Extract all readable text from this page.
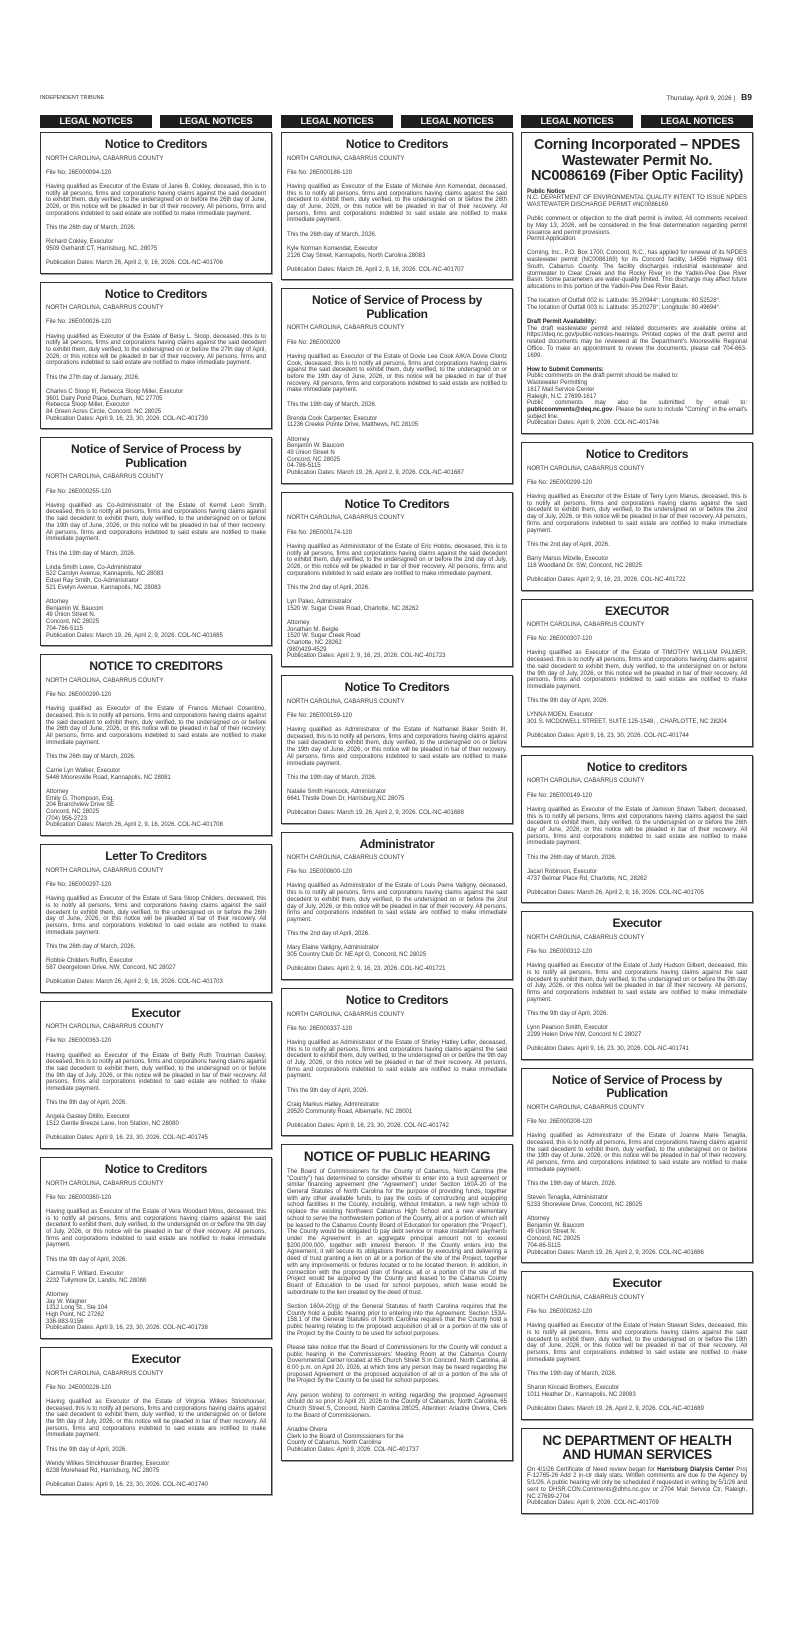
INDEPENDENT TRIBUNE	Thursday, April 9, 2026 | B9
LEGAL NOTICES	LEGAL NOTICES
Notice to Creditors

NORTH CAROLINA, CABARRUS COUNTY

File No: 26E000094-120

Having qualified as Executor of the Estate of Janie B. Cokley, deceased, this is to notify all persons, firms and corporations having claims against the said decedent to exhibit them, duly verified, to the undersigned on or before the 26th day of June, 2026, or this notice will be pleaded in bar of their recovery. All persons, firms and corporations indebted to said estate are notified to make immediate payment.

This the 26th day of March, 2026.

Richard Cokley, Executor
9509 Gerhardt CT, Harrisburg, NC, 28075

Publication Dates: March 26, April 2, 9, 16, 2026. COL-NC-401706

Notice to Creditors

NORTH CAROLINA, CABARRUS COUNTY

File No: 26E000026-120

Having qualified as Executor of the Estate of Betsy L. Sloop, deceased, this is to notify all persons, firms and corporations having claims against the said decedent to exhibit them, duly verified, to the undersigned on or before the 27th day of April, 2026, or this notice will be pleaded in bar of their recovery. All persons, firms and corporations indebted to said estate are notified to make immediate payment.

This the 27th day of January, 2026.

Charles C Sloop III, Rebecca Sloop Miller, Executor
3601 Dairy Pond Place, Durham, NC 27705
Rebecca Sloop Miller, Executor
84 Green Acres Circle, Concord. NC 28025
Publication Dates: April 9, 16, 23, 30, 2026. COL-NC-401739

Notice of Service of Process by Publication

NORTH CAROLINA, CABARRUS COUNTY

File No: 26E000255-120

Having qualified as Co-Administrator of the Estate of Kermit Leon Smith, deceased, this is to notify all persons, firms and corporations having claims against the said decedent to exhibit them, duly verified, to the undersigned on or before the 19th day of June, 2026, or this notice will be pleaded in bar of their recovery. All persons, firms and corporations indebted to said estate are notified to make immediate payment.

This the 19th day of March, 2026.

Linda Smith Lowe, Co-Administrator
522 Carolyn Avenue, Kannapolis, NC 28083
Edsel Ray Smith, Co-Administrator
521 Evelyn Avenue, Kannapolis, NC 28083

Attorney
Benjamin W. Baucom
49 Union Street N.
Concord, NC 28025
704-786-5115
Publication Dates: March 19, 26, April 2, 9, 2026. COL-NC-401685

NOTICE TO CREDITORS

NORTH CAROLINA, CABARRUS COUNTY

File No: 26E000290-120

Having qualified as Executor of the Estate of Francis Michael Cosentino, deceased, this is to notify all persons, firms and corporations having claims against the said decedent to exhibit them, duly verified, to the undersigned on or before the 26th day of June, 2026, or this notice will be pleaded in bar of their recovery. All persons, firms and corporations indebted to said estate are notified to make immediate payment.

This the 26th day of March, 2026.

Carrie Lyn Walker, Executor
5446 Mooresville Road, Kannapolis, NC 28081

Attorney
Emily G. Thompson, Esq.
204 Branchview Drive SE
Concord, NC 28025
(704) 956-2723
Publication Dates: March 26, April 2, 9, 16, 2026. COL-NC-401708

Letter To Creditors

NORTH CAROLINA, CABARRUS COUNTY

File No: 26E000297-120

Having qualified as Executor of the Estate of Sara Sloop Childers, deceased, this is to notify all persons, firms and corporations having claims against the said decedent to exhibit them, duly verified, to the undersigned on or before the 26th day of June, 2026, or this notice will be pleaded in bar of their recovery. All persons, firms and corporations indebted to said estate are notified to make immediate payment.

This the 26th day of March, 2026.

Robbie Childers Ruffin, Executor
587 Georgetown Drive, NW, Concord, NC 28027

Publication Dates: March 26, April 2, 9, 16, 2026. COL-NC-401703

Executor

NORTH CAROLINA, CABARRUS COUNTY

File No: 26E000363-120

Having qualified as Executor of the Estate of Betty Ruth Troutman Gaskey, deceased, this is to notify all persons, firms and corporations having claims against the said decedent to exhibit them, duly verified, to the undersigned on or before the 9th day of July, 2026, or this notice will be pleaded in bar of their recovery. All persons, firms and corporations indebted to said estate are notified to make immediate payment.

This the 9th day of April, 2026.

Angela Gaskey Ditillo, Executor
1512 Gentle Breeze Lane, Iron Station, NC 28080

Publication Dates: April 9, 16, 23, 30, 2026. COL-NC-401745

Notice to Creditors

NORTH CAROLINA, CABARRUS COUNTY

File No: 26E000360-120

Having qualified as Executor of the Estate of Vera Woodard Moss, deceased, this is to notify all persons, firms and corporations having claims against the said decedent to exhibit them, duly verified, to the undersigned on or before the 9th day of July, 2026, or this notice will be pleaded in bar of their recovery. All persons, firms and corporations indebted to said estate are notified to make immediate payment.

This the 9th day of April, 2026.

Carmella F. Willard, Executor
2232 Tullymore Dr, Landis, NC 28088

Attorney
Jay W. Wagner
1312 Long St., Ste 104
High Point, NC 27262
336-883-9156
Publication Dates: April 9, 16, 23, 30, 2026. COL-NC-401738

Executor

NORTH CAROLINA, CABARRUS COUNTY

File No: 24E000228-120

Having qualified as Executor of the Estate of Virginia Wilkes Strickhouser, deceased, this is to notify all persons, firms and corporations having claims against the said decedent to exhibit them, duly verified, to the undersigned on or before the 9th day of July, 2026, or this notice will be pleaded in bar of their recovery. All persons, firms and corporations indebted to said estate are notified to make immediate payment.

This the 9th day of April, 2026.

Wendy Wilkes Strickhouser Brantley, Executor
6238 Morehead Rd, Harrisburg, NC 28075

Publication Dates: April 9, 16, 23, 30, 2026. COL-NC-401740

LEGAL NOTICES	LEGAL NOTICES
Notice to Creditors

NORTH CAROLINA, CABARRUS COUNTY

File No: 26E000186-120

Having qualified as Executor of the Estate of Michele Ann Komendat, deceased, this is to notify all persons, firms and corporations having claims against the said decedent to exhibit them, duly verified, to the undersigned on or before the 26th day of June, 2026, or this notice will be pleaded in bar of their recovery. All persons, firms and corporations indebted to said estate are notified to make immediate payment.

This the 26th day of March, 2026.

Kyle Norman Komendat, Executor
2126 Clay Street, Kannapolis, North Carolina 28083

Publication Dates: March 26, April 2, 9, 16, 2026. COL-NC-401707

Notice of Service of Process by Publication

NORTH CAROLINA, CABARRUS COUNTY

File No: 26E000209

Having qualified as Executor of the Estate of Dovie Lee Cook A/K/A Dovie Clontz Cook, deceased, this is to notify all persons, firms and corporations having claims against the said decedent to exhibit them, duly verified, to the undersigned on or before the 19th day of June, 2026, or this notice will be pleaded in bar of their recovery. All persons, firms and corporations indebted to said estate are notified to make immediate payment.

This the 19th day of March, 2026.

Brenda Cook Carpenter, Executor
11236 Creeke Pointe Drive, Matthews, NC 28105

Attorney
Benjamin W. Baucom
49 Union Street N
Concord, NC 28025
04-786-5115
Publication Dates: March 19, 26, April 2, 9, 2026. COL-NC-401687

Notice To Creditors

NORTH CAROLINA, CABARRUS COUNTY

File No: 26E000174-120

Having qualified as Administrator of the Estate of Eric Hobbs, deceased, this is to notify all persons, firms and corporations having claims against the said decedent to exhibit them, duly verified, to the undersigned on or before the 2nd day of July, 2026, or this notice will be pleaded in bar of their recovery. All persons, firms and corporations indebted to said estate are notified to make immediate payment.

This the 2nd day of April, 2026.

Lyn Paleo, Administrator
1520 W. Sugar Creek Road, Charlotte, NC 28262

Attorney
Jonathan M. Beigle
1520 W. Sugar Creek Road
Charlotte, NC 28262
(980)429-4529
Publication Dates: April 2, 9, 16, 23, 2026. COL-NC-401723

Notice To Creditors

NORTH CAROLINA, CABARRUS COUNTY

File No: 26E000159-120

Having qualified as Administrator of the Estate of Nathaniel Baker Smith III, deceased, this is to notify all persons, firms and corporations having claims against the said decedent to exhibit them, duly verified, to the undersigned on or before the 19th day of June, 2026, or this notice will be pleaded in bar of their recovery. All persons, firms and corporations indebted to said estate are notified to make immediate payment.

This the 19th day of March, 2026.

Natalie Smith Hancock, Administrator
6641 Thistle Down Dr, Harrisburg,NC 28075

Publication Dates: March 19, 26, April 2, 9, 2026. COL-NC-401688

Administrator

NORTH CAROLINA, CABARRUS COUNTY

File No: 25E000600-120

Having qualified as Administrator of the Estate of Louis Pierre Valligny, deceased, this is to notify all persons, firms and corporations having claims against the said decedent to exhibit them, duly verified, to the undersigned on or before the 2nd day of July, 2026, or this notice will be pleaded in bar of their recovery. All persons, firms and corporations indebted to said estate are notified to make immediate payment.

This the 2nd day of April, 2026.

Mary Elaine Valligny, Administrator
305 Country Club Dr. NE Apt G, Concord, NC 28025

Publication Dates: April 2, 9, 16, 23, 2026. COL-NC-401721

Notice to Creditors

NORTH CAROLINA, CABARRUS COUNTY

File No: 26E000337-120

Having qualified as Administrator of the Estate of Shirley Hatley Lefler, deceased, this is to notify all persons, firms and corporations having claims against the said decedent to exhibit them, duly verified, to the undersigned on or before the 9th day of July, 2026, or this notice will be pleaded in bar of their recovery. All persons, firms and corporations indebted to said estate are notified to make immediate payment.

This the 9th day of April, 2026.

Craig Markus Hatley, Administrator
29520 Community Road, Albemarle, NC 28001

Publication Dates: April 9, 16, 23, 30, 2026. COL-NC-401742

NOTICE OF PUBLIC HEARING

The Board of Commissioners for the County of Cabarrus, North Carolina (the "County") has determined to consider whether to enter into a trust agreement or similar financing agreement (the "Agreement") under Section 160A-20 of the General Statutes of North Carolina for the purpose of providing funds, together with any other available funds, to pay the costs of constructing and equipping school facilities in the County, including, without limitation, a new high school to replace the existing Northwest Cabarrus High School and a new elementary school to serve the northwestern portion of the County, all or a portion of which will be leased to the Cabarrus County Board of Education for operation (the "Project"). The County would be obligated to pay debt service or make installment payments under the Agreement in an aggregate principal amount not to exceed $200,000,000, together with interest thereon. If the County enters into the Agreement, it will secure its obligations thereunder by executing and delivering a deed of trust granting a lien on all or a portion of the site of the Project, together with any improvements or fixtures located or to be located thereon. In addition, in connection with the proposed plan of finance, all or a portion of the site of the Project would be acquired by the County and leased to the Cabarrus County Board of Education to be used for school purposes, which lease would be subordinate to the lien created by the deed of trust.

Section 160A-20(g) of the General Statutes of North Carolina requires that the County hold a public hearing prior to entering into the Agreement. Section 153A-158.1 of the General Statutes of North Carolina requires that the County hold a public hearing relating to the proposed acquisition of all or a portion of the site of the Project by the County to be used for school purposes.

Please take notice that the Board of Commissioners for the County will conduct a public hearing in the Commissioners' Meeting Room at the Cabarrus County Governmental Center located at 65 Church Street S in Concord, North Carolina, at 6:00 p.m. on April 20, 2026, at which time any person may be heard regarding the proposed Agreement or the proposed acquisition of all or a portion of the site of the Project by the County to be used for school purposes.

Any person wishing to comment in writing regarding the proposed Agreement should do so prior to April 20, 2026 to the County of Cabarrus, North Carolina, 65 Church Street S, Concord, North Carolina 28025, Attention: Ariadne Olvera, Clerk to the Board of Commissioners.

Ariadne Olvera
Clerk to the Board of Commissioners for the
County of Cabarrus, North Carolina
Publication Dates: April 9, 2026. COL-NC-401737

LEGAL NOTICES	LEGAL NOTICES
Corning Incorporated – NPDES Wastewater Permit No. NC0086169 (Fiber Optic Facility)

Public Notice
N.C. DEPARTMENT OF ENVIRONMENTAL QUALITY INTENT TO ISSUE NPDES WASTEWATER DISCHARGE PERMIT #NC0086169

Public comment or objection to the draft permit is invited. All comments received by May 13, 2026, will be considered in the final determination regarding permit issuance and permit provisions.
Permit Application:

Corning, Inc., P.O. Box 1700, Concord, N.C., has applied for renewal of its NPDES wastewater permit (NC0086169) for its Concord facility, 14556 Highway 601 South, Cabarrus County. The facility discharges industrial wastewater and stormwater to Clear Creek and the Rocky River in the Yadkin-Pee Dee River Basin. Some parameters are water-quality limited. This discharge may affect future allocations in this portion of the Yadkin-Pee Dee River Basin.

The location of Outfall 002 is: Latitude: 35.20944°; Longitude: 80.52528°.
The location of Outfall 003 is: Latitude: 35.20278°; Longitude: 80.49694°.

Draft Permit Availability:
The draft wastewater permit and related documents are available online at: https://deq.nc.gov/public-notices-hearings. Printed copies of the draft permit and related documents may be reviewed at the Department's Mooresville Regional Office. To make an appointment to review the documents, please call 704-663-1699.

How to Submit Comments:
Public comments on the draft permit should be mailed to:
Wastewater Permitting
1617 Mail Service Center
Raleigh, N.C. 27699-1617
Public comments may also be submitted by email to: publiccomments@deq.nc.gov. Please be sure to include "Corning" in the email's subject line.
Publication Dates: April 9, 2026. COL-NC-401746

Notice to Creditors

NORTH CAROLINA, CABARRUS COUNTY

File No: 26E000299-120

Having qualified as Executor of the Estate of Terry Lynn Manus, deceased, this is to notify all persons, firms and corporations having claims against the said decedent to exhibit them, duly verified, to the undersigned on or before the 2nd day of July, 2026, or this notice will be pleaded in bar of their recovery. All persons, firms and corporations indebted to said estate are notified to make immediate payment.

This the 2nd day of April, 2026.

Barry Manus Mizelle, Executor
118 Woodland Dr. SW, Concord, NC 28025

Publication Dates: April 2, 9, 16, 23, 2026. COL-NC-401722

EXECUTOR

NORTH CAROLINA, CABARRUS COUNTY

File No: 26E000307-120

Having qualified as Executor of the Estate of TIMOTHY WILLIAM PALMER, deceased, this is to notify all persons, firms and corporations having claims against the said decedent to exhibit them, duly verified, to the undersigned on or before the 9th day of July, 2026, or this notice will be pleaded in bar of their recovery. All persons, firms and corporations indebted to said estate are notified to make immediate payment.

This the 9th day of April, 2026.

LYNNA MOEN, Executor
301 S. MCDOWELL STREET, SUITE 125-1548, , CHARLOTTE, NC 28204

Publication Dates: April 9, 16, 23, 30, 2026. COL-NC-401744

Notice to creditors

NORTH CAROLINA, CABARRUS COUNTY

File No: 26E000149-120

Having qualified as Executor of the Estate of Jamison Shawn Talbert, deceased, this is to notify all persons, firms and corporations having claims against the said decedent to exhibit them, duly verified, to the undersigned on or before the 26th day of June, 2026, or this notice will be pleaded in bar of their recovery. All persons, firms and corporations indebted to said estate are notified to make immediate payment.

This the 26th day of March, 2026.

Jacari Robinson, Executor
4737 Belmar Place Rd, Charlotte, NC, 28262

Publication Dates: March 26, April 2, 9, 16, 2026. COL-NC-401705

Executor

NORTH CAROLINA, CABARRUS COUNTY

File No: 26E000312-120

Having qualified as Executor of the Estate of Judy Hudson Gilbert, deceased, this is to notify all persons, firms and corporations having claims against the said decedent to exhibit them, duly verified, to the undersigned on or before the 9th day of July, 2026, or this notice will be pleaded in bar of their recovery. All persons, firms and corporations indebted to said estate are notified to make immediate payment.

This the 9th day of April, 2026.

Lynn Pearson Smith, Executor
2299 Helen Drive NW, Concord N C 28027

Publication Dates: April 9, 16, 23, 30, 2026. COL-NC-401741

Notice of Service of Process by Publication

NORTH CAROLINA, CABARRUS COUNTY

File No: 26E000208-120

Having qualified as Administrator of the Estate of Joanne Marie Tenaglia, deceased, this is to notify all persons, firms and corporations having claims against the said decedent to exhibit them, duly verified, to the undersigned on or before the 19th day of June, 2026, or this notice will be pleaded in bar of their recovery. All persons, firms and corporations indebted to said estate are notified to make immediate payment.

This the 19th day of March, 2026.

Steven Tenaglia, Administrator
5233 Shoreview Drive, Concord, NC 28025

Attorney
Benjamin W. Baucom
49 Union Street N.
Concord, NC 28025
704-86-5115
Publication Dates: March 19, 26, April 2, 9, 2026. COL-NC-401686

Executor

NORTH CAROLINA, CABARRUS COUNTY

File No: 26E000262-120

Having qualified as Executor of the Estate of Helen Stewart Sides, deceased, this is to notify all persons, firms and corporations having claims against the said decedent to exhibit them, duly verified, to the undersigned on or before the 19th day of June, 2026, or this notice will be pleaded in bar of their recovery. All persons, firms and corporations indebted to said estate are notified to make immediate payment.

This the 19th day of March, 2026.

Sharon Kincaid Brothers, Executor
1011 Heather Dr., Kannapolis, NC 28083

Publication Dates: March 19, 26, April 2, 9, 2026. COL-NC-401689

NC DEPARTMENT OF HEALTH AND HUMAN SERVICES

On 4/1/26 Certificate of Need review began for Harrisburg Dialysis Center Proj F-12765-26 Add 2 in-ctr dialy stats. Written comments are due to the Agency by 5/1/26. A public hearing will only be scheduled if requested in writing by 5/1/26 and sent to DHSR.CON.Comments@dhhs.nc.gov or 2704 Mail Service Ctr, Raleigh, NC 27699-2704
Publication Dates: April 9, 2026. COL-NC-401709
